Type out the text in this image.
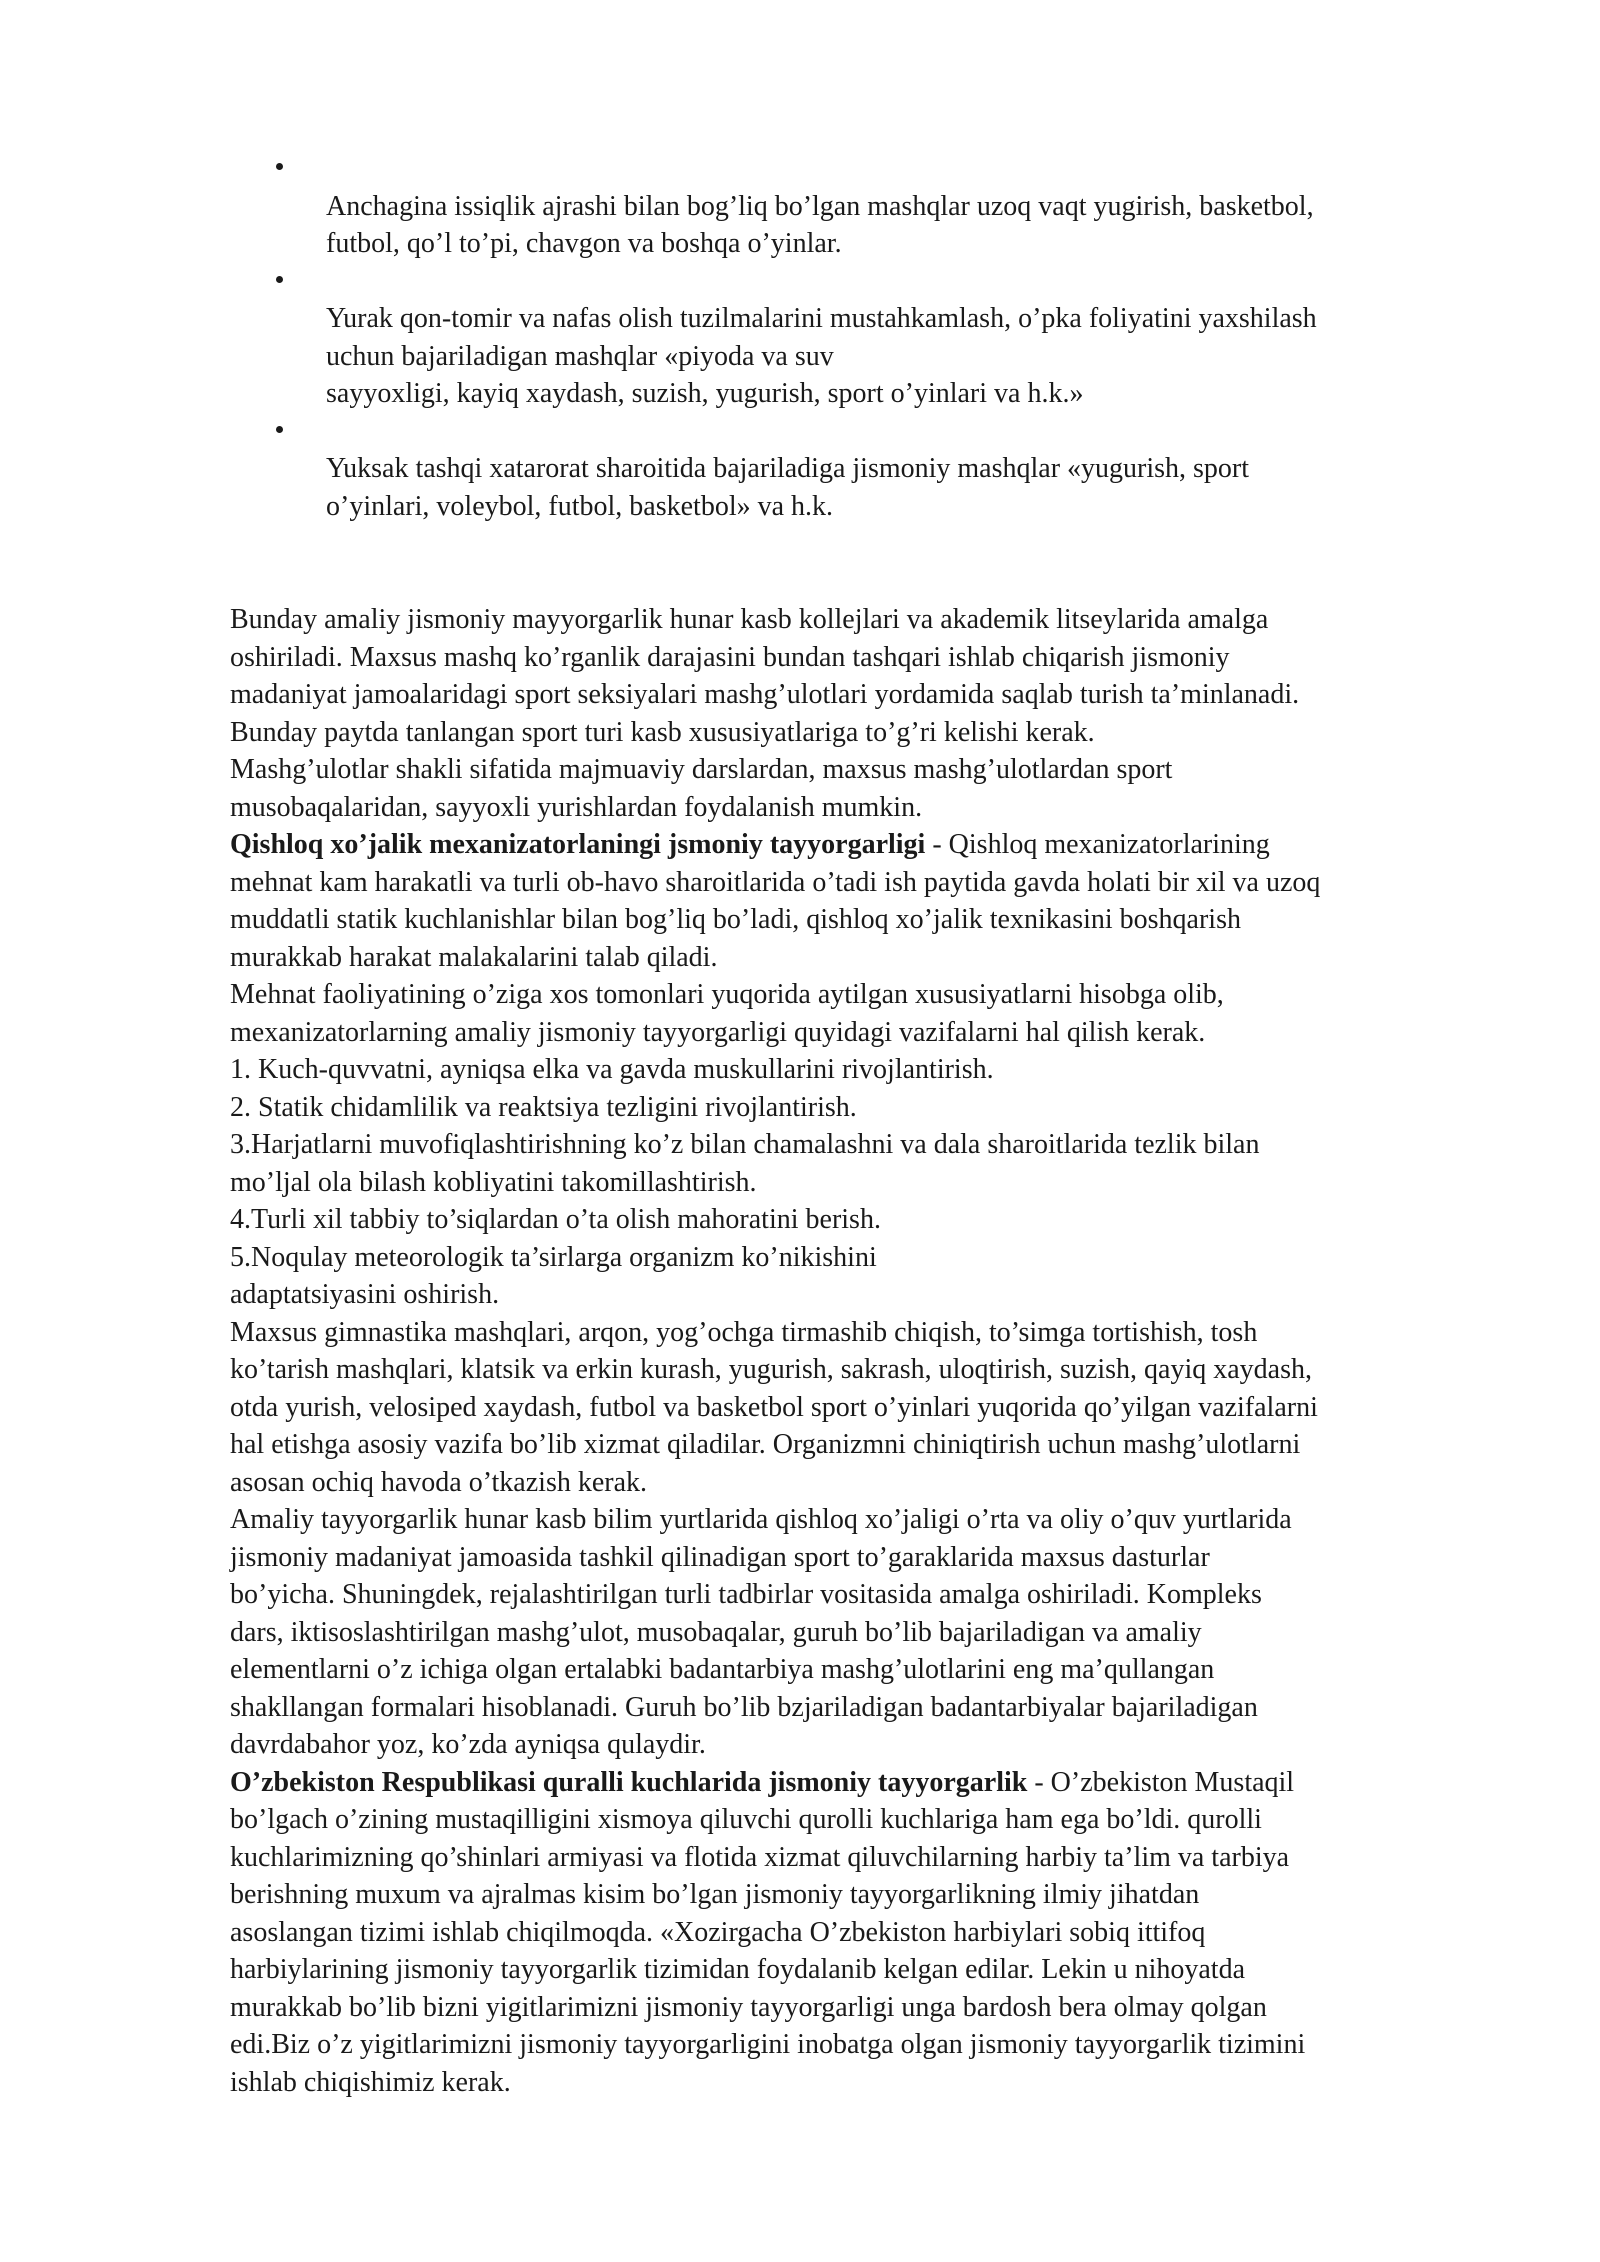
Anchagina issiqlik ajrashi bilan bog’liq bo’lgan mashqlar uzoq vaqt yugirish, basketbol,
futbol, qo’l to’pi, chavgon va boshqa o’yinlar.
Yurak qon-tomir va nafas olish tuzilmalarini mustahkamlash, o’pka foliyatini yaxshilash
uchun bajariladigan mashqlar «piyoda va suv
sayyoxligi, kayiq xaydash, suzish, yugurish, sport o’yinlari va h.k.»
Yuksak tashqi xatarorat sharoitida bajariladiga jismoniy mashqlar «yugurish, sport
o’yinlari, voleybol, futbol, basketbol» va h.k.

Bunday amaliy jismoniy mayyorgarlik hunar kasb kollejlari va akademik litseylarida amalga
oshiriladi. Maxsus mashq ko’rganlik darajasini bundan tashqari ishlab chiqarish jismoniy
madaniyat jamoalaridagi sport seksiyalari mashg’ulotlari yordamida saqlab turish ta’minlanadi.
Bunday paytda tanlangan sport turi kasb xususiyatlariga to’g’ri kelishi kerak.
Mashg’ulotlar shakli sifatida majmuaviy darslardan, maxsus mashg’ulotlardan sport
musobaqalaridan, sayyoxli yurishlardan foydalanish mumkin.
Qishloq xo’jalik mexanizatorlaningi jsmoniy tayyorgarligi - Qishloq mexanizatorlarining
mehnat kam harakatli va turli ob-havo sharoitlarida o’tadi ish paytida gavda holati bir xil va uzoq
muddatli statik kuchlanishlar bilan bog’liq bo’ladi, qishloq xo’jalik texnikasini boshqarish
murakkab harakat malakalarini talab qiladi.
Mehnat faoliyatining o’ziga xos tomonlari yuqorida aytilgan xususiyatlarni hisobga olib,
mexanizatorlarning amaliy jismoniy tayyorgarligi quyidagi vazifalarni hal qilish kerak.
1. Kuch-quvvatni, ayniqsa elka va gavda muskullarini rivojlantirish.
2. Statik chidamlilik va reaktsiya tezligini rivojlantirish.
3.Harjatlarni muvofiqlashtirishning ko’z bilan chamalashni va dala sharoitlarida tezlik bilan
mo’ljal ola bilash kobliyatini takomillashtirish.
4.Turli xil tabbiy to’siqlardan o’ta olish mahoratini berish.
5.Noqulay meteorologik ta’sirlarga organizm ko’nikishini
adaptatsiyasini oshirish.
Maxsus gimnastika mashqlari, arqon, yog’ochga tirmashib chiqish, to’simga tortishish, tosh
ko’tarish mashqlari, klatsik va erkin kurash, yugurish, sakrash, uloqtirish, suzish, qayiq xaydash,
otda yurish, velosiped xaydash, futbol va basketbol sport o’yinlari yuqorida qo’yilgan vazifalarni
hal etishga asosiy vazifa bo’lib xizmat qiladilar. Organizmni chiniqtirish uchun mashg’ulotlarni
asosan ochiq havoda o’tkazish kerak.
Amaliy tayyorgarlik hunar kasb bilim yurtlarida qishloq xo’jaligi o’rta va oliy o’quv yurtlarida
jismoniy madaniyat jamoasida tashkil qilinadigan sport to’garaklarida maxsus dasturlar
bo’yicha. Shuningdek, rejalashtirilgan turli tadbirlar vositasida amalga oshiriladi. Kompleks
dars, iktisoslashtirilgan mashg’ulot, musobaqalar, guruh bo’lib bajariladigan va amaliy
elementlarni o’z ichiga olgan ertalabki badantarbiya mashg’ulotlarini eng ma’qullangan
shakllangan formalari hisoblanadi. Guruh bo’lib bzjariladigan badantarbiyalar bajariladigan
davrdabahor yoz, ko’zda ayniqsa qulaydir.
O’zbekiston Respublikasi quralli kuchlarida jismoniy tayyorgarlik - O’zbekiston Mustaqil
bo’lgach o’zining mustaqilligini xismoya qiluvchi qurolli kuchlariga ham ega bo’ldi. qurolli
kuchlarimizning qo’shinlari armiyasi va flotida xizmat qiluvchilarning harbiy ta’lim va tarbiya
berishning muxum va ajralmas kisim bo’lgan jismoniy tayyorgarlikning ilmiy jihatdan
asoslangan tizimi ishlab chiqilmoqda. «Xozirgacha O’zbekiston harbiylari sobiq ittifoq
harbiylarining jismoniy tayyorgarlik tizimidan foydalanib kelgan edilar. Lekin u nihoyatda
murakkab bo’lib bizni yigitlarimizni jismoniy tayyorgarligi unga bardosh bera olmay qolgan
edi.Biz o’z yigitlarimizni jismoniy tayyorgarligini inobatga olgan jismoniy tayyorgarlik tizimini
ishlab chiqishimiz kerak.
